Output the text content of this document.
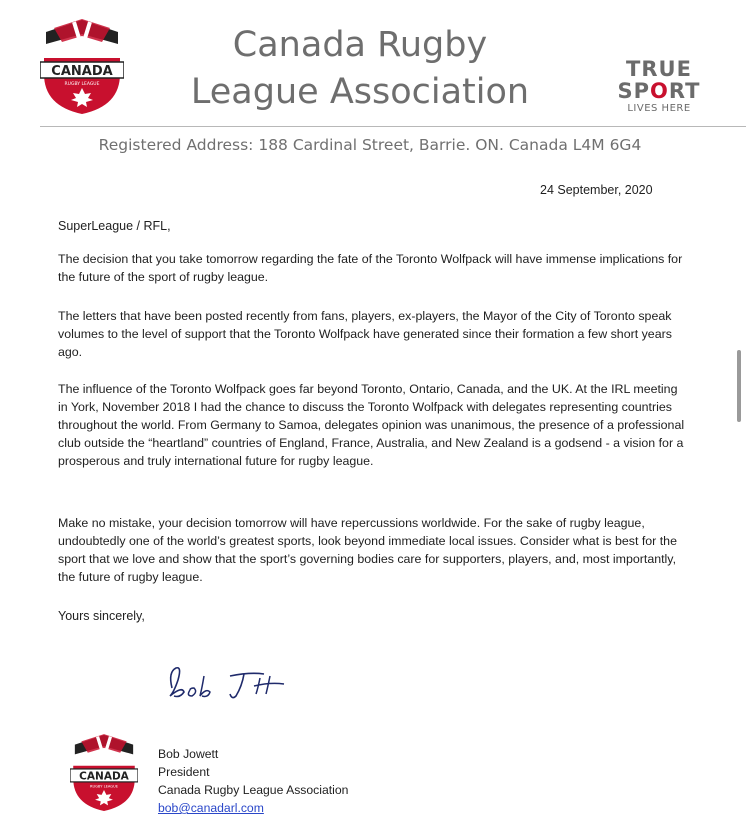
CANADA
RUGBY LEAGUE
Canada Rugby
League Association
TRUE
SPORT
LIVES HERE
Registered Address: 188 Cardinal Street, Barrie. ON. Canada L4M 6G4
24 September, 2020
SuperLeague / RFL,

The decision that you take tomorrow regarding the fate of the Toronto Wolfpack will have immense implications for the future of the sport of rugby league.

The letters that have been posted recently from fans, players, ex-players, the Mayor of the City of Toronto speak volumes to the level of support that the Toronto Wolfpack have generated since their formation a few short years ago.

The influence of the Toronto Wolfpack goes far beyond Toronto, Ontario, Canada, and the UK. At the IRL meeting in York, November 2018 I had the chance to discuss the Toronto Wolfpack with delegates representing countries throughout the world. From Germany to Samoa, delegates opinion was unanimous, the presence of a professional club outside the “heartland” countries of England, France, Australia, and New Zealand is a godsend - a vision for a prosperous and truly international future for rugby league.

Make no mistake, your decision tomorrow will have repercussions worldwide. For the sake of rugby league, undoubtedly one of the world’s greatest sports, look beyond immediate local issues. Consider what is best for the sport that we love and show that the sport’s governing bodies care for supporters, players, and, most importantly, the future of rugby league.

Yours sincerely,
CANADA
RUGBY LEAGUE
Bob Jowett
President
Canada Rugby League Association
bob@canadarl.com
